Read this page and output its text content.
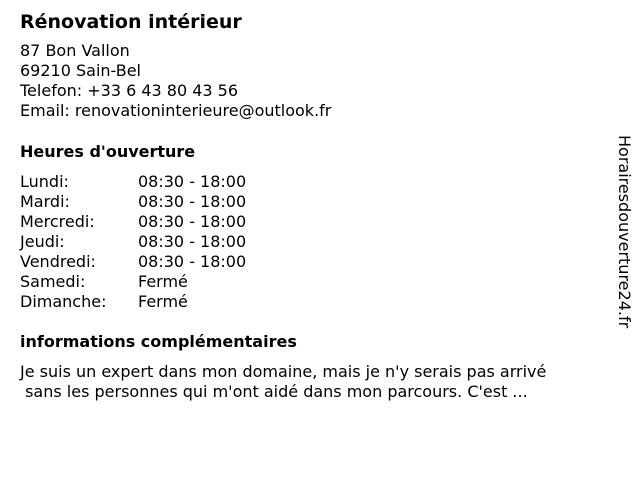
Rénovation intérieur
87 Bon Vallon
69210 Sain-Bel
Telefon: +33 6 43 80 43 56
Email: renovationinterieure@outlook.fr
Heures d'ouverture
Lundi:	08:30 - 18:00
Mardi:	08:30 - 18:00
Mercredi:	08:30 - 18:00
Jeudi:	08:30 - 18:00
Vendredi:	08:30 - 18:00
Samedi:	Fermé
Dimanche:	Fermé
informations complémentaires
Je suis un expert dans mon domaine, mais je n'y serais pas arrivé
sans les personnes qui m'ont aidé dans mon parcours. C'est ...
Horairesdouverture24.fr
